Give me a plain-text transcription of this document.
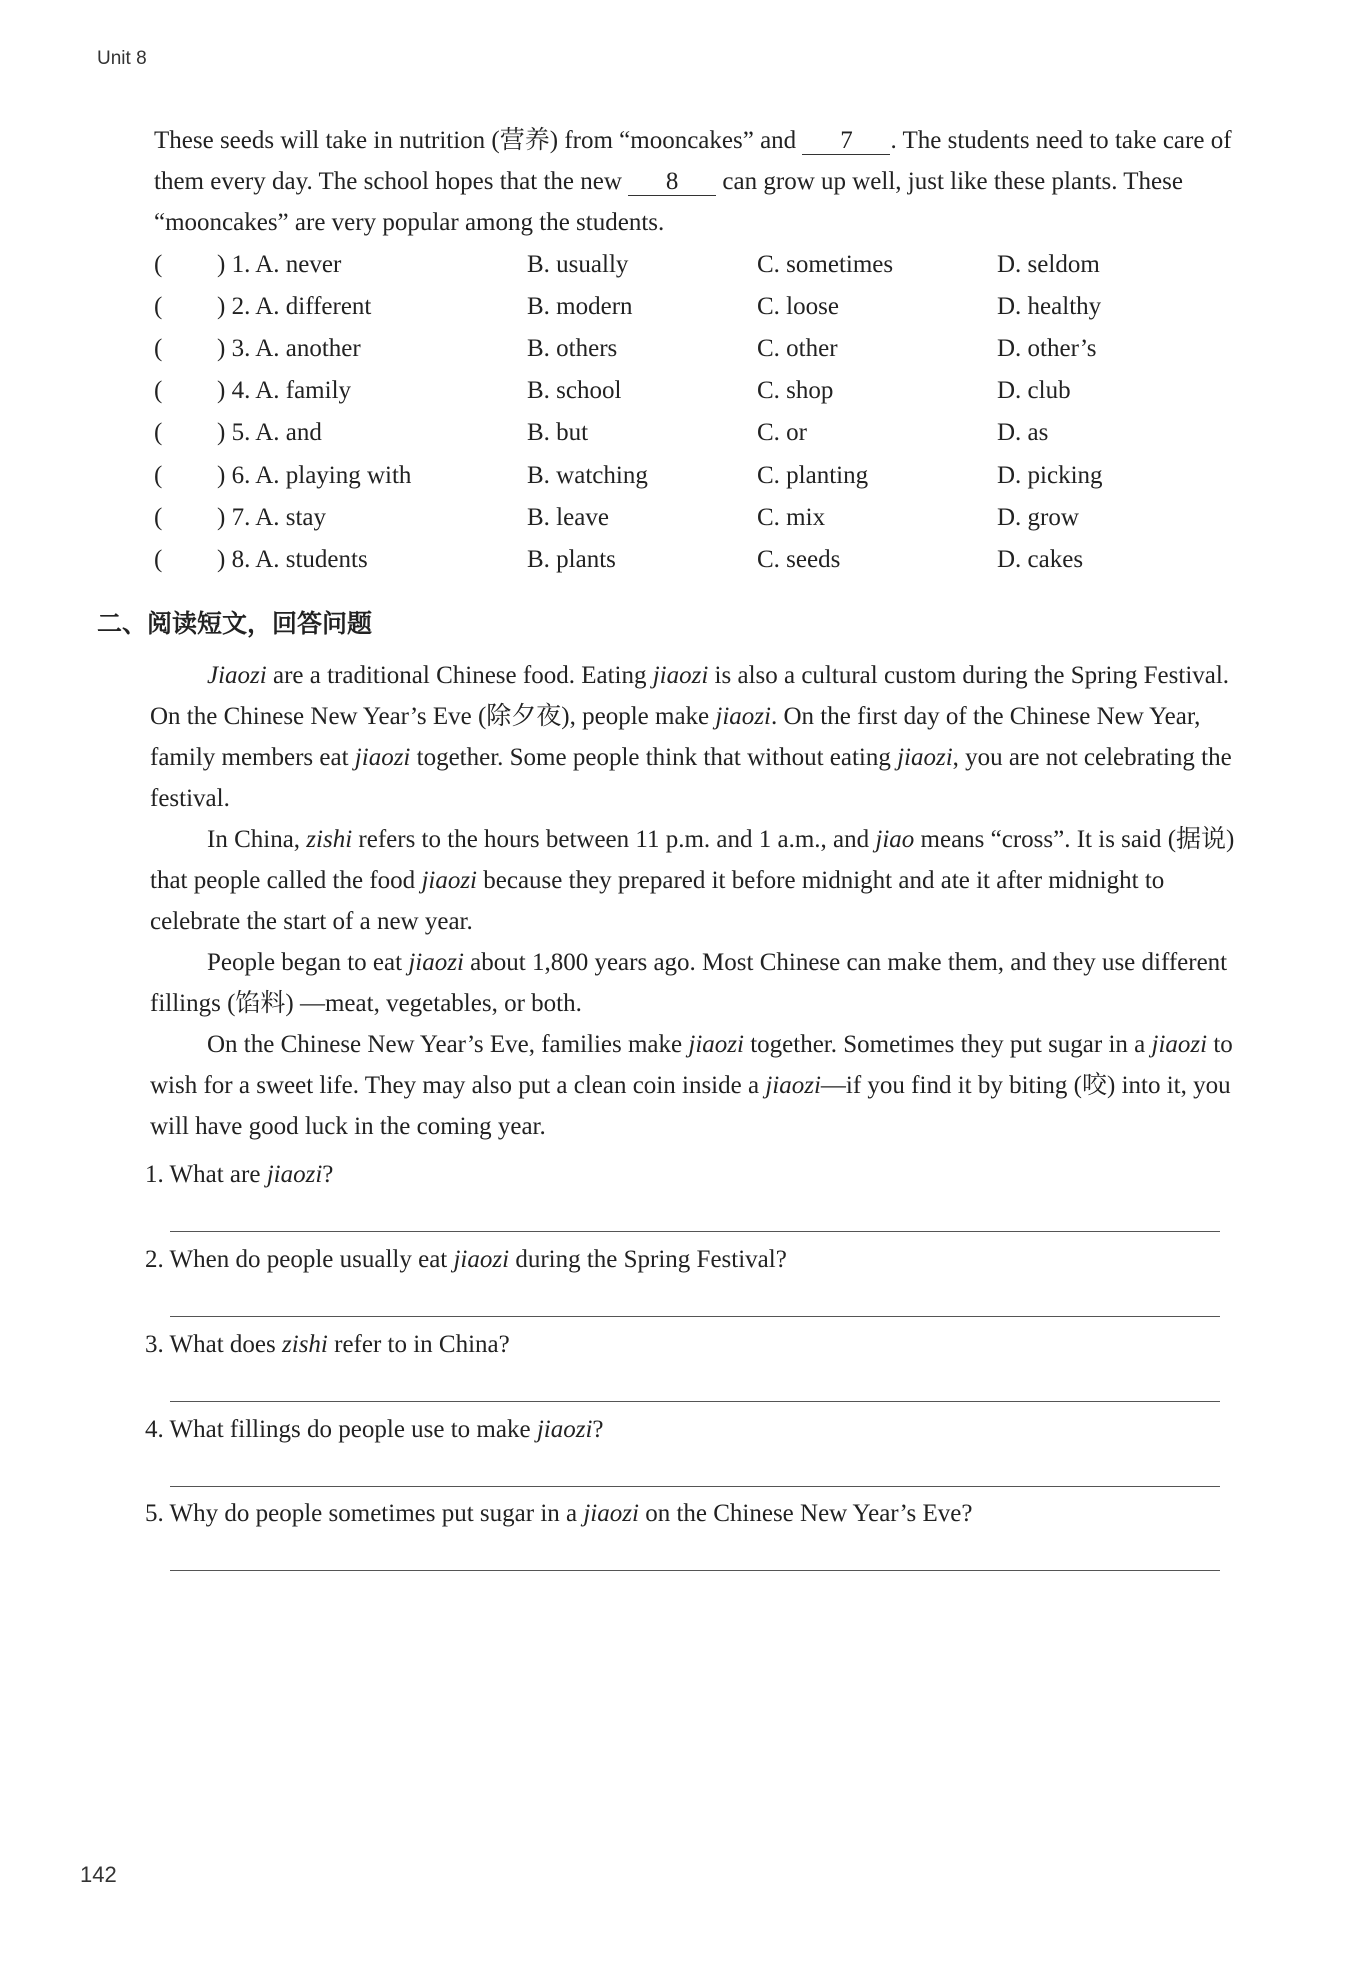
Unit 8

These seeds will take in nutrition (营养) from “mooncakes” and 7 . The students need to take care of them every day. The school hopes that the new 8 can grow up well, just like these plants. These “mooncakes” are very popular among the students.

( ) 1. A. never	B. usually	C. sometimes	D. seldom
( ) 2. A. different	B. modern	C. loose	D. healthy
( ) 3. A. another	B. others	C. other	D. other’s
( ) 4. A. family	B. school	C. shop	D. club
( ) 5. A. and	B. but	C. or	D. as
( ) 6. A. playing with	B. watching	C. planting	D. picking
( ) 7. A. stay	B. leave	C. mix	D. grow
( ) 8. A. students	B. plants	C. seeds	D. cakes
二、阅读短文，回答问题

Jiaozi are a traditional Chinese food. Eating jiaozi is also a cultural custom during the Spring Festival. On the Chinese New Year’s Eve (除夕夜), people make jiaozi. On the first day of the Chinese New Year, family members eat jiaozi together. Some people think that without eating jiaozi, you are not celebrating the festival.

In China, zishi refers to the hours between 11 p.m. and 1 a.m., and jiao means “cross”. It is said (据说) that people called the food jiaozi because they prepared it before midnight and ate it after midnight to celebrate the start of a new year.

People began to eat jiaozi about 1,800 years ago. Most Chinese can make them, and they use different fillings (馅料) —meat, vegetables, or both.

On the Chinese New Year’s Eve, families make jiaozi together. Sometimes they put sugar in a jiaozi to wish for a sweet life. They may also put a clean coin inside a jiaozi—if you find it by biting (咬) into it, you will have good luck in the coming year.

1. What are jiaozi?
2. When do people usually eat jiaozi during the Spring Festival?
3. What does zishi refer to in China?
4. What fillings do people use to make jiaozi?
5. Why do people sometimes put sugar in a jiaozi on the Chinese New Year’s Eve?
142
